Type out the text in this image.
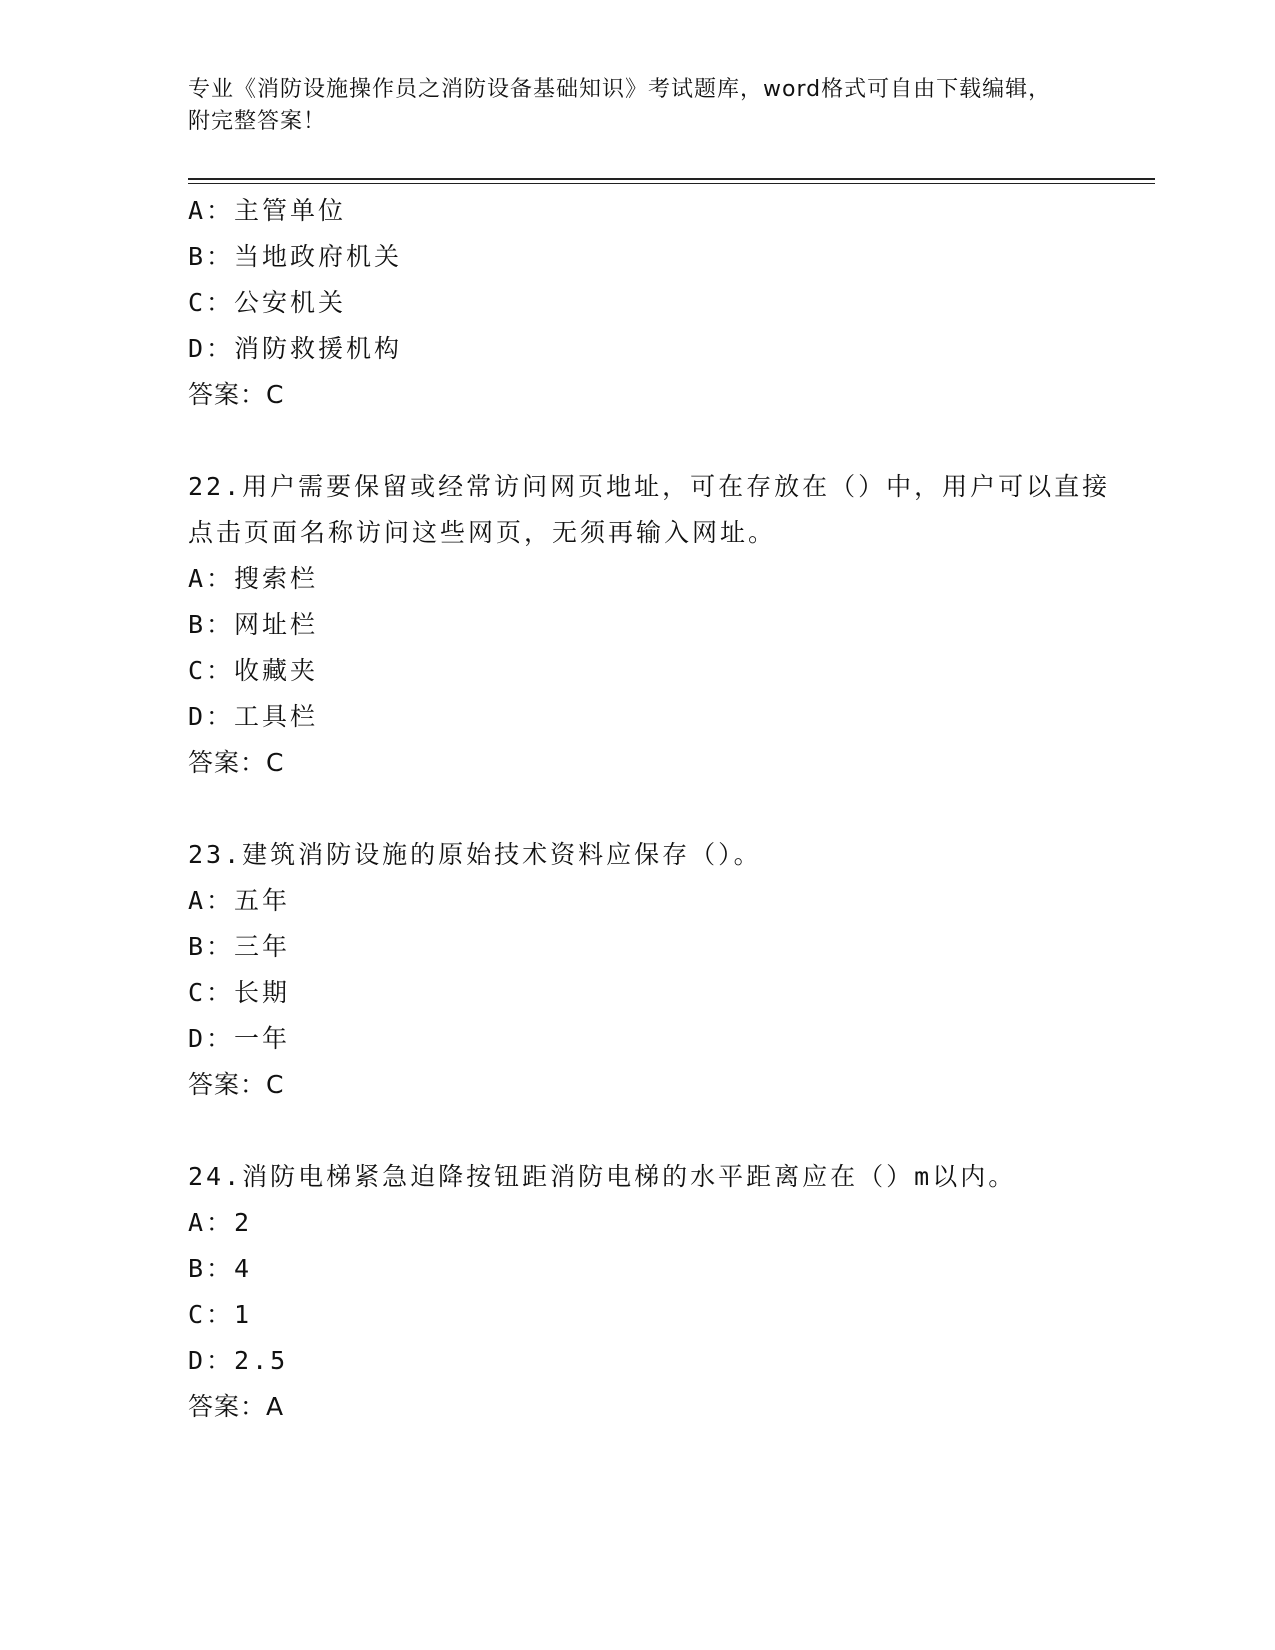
专业《消防设施操作员之消防设备基础知识》考试题库，word格式可自由下载编辑，附完整答案！
A：主管单位
B：当地政府机关
C：公安机关
D：消防救援机构
答案：C
22.用户需要保留或经常访问网页地址，可在存放在（）中，用户可以直接点击页面名称访问这些网页，无须再输入网址。
A：搜索栏
B：网址栏
C：收藏夹
D：工具栏
答案：C
23.建筑消防设施的原始技术资料应保存（）。
A：五年
B：三年
C：长期
D：一年
答案：C
24.消防电梯紧急迫降按钮距消防电梯的水平距离应在（）m以内。
A：2
B：4
C：1
D：2.5
答案：A
